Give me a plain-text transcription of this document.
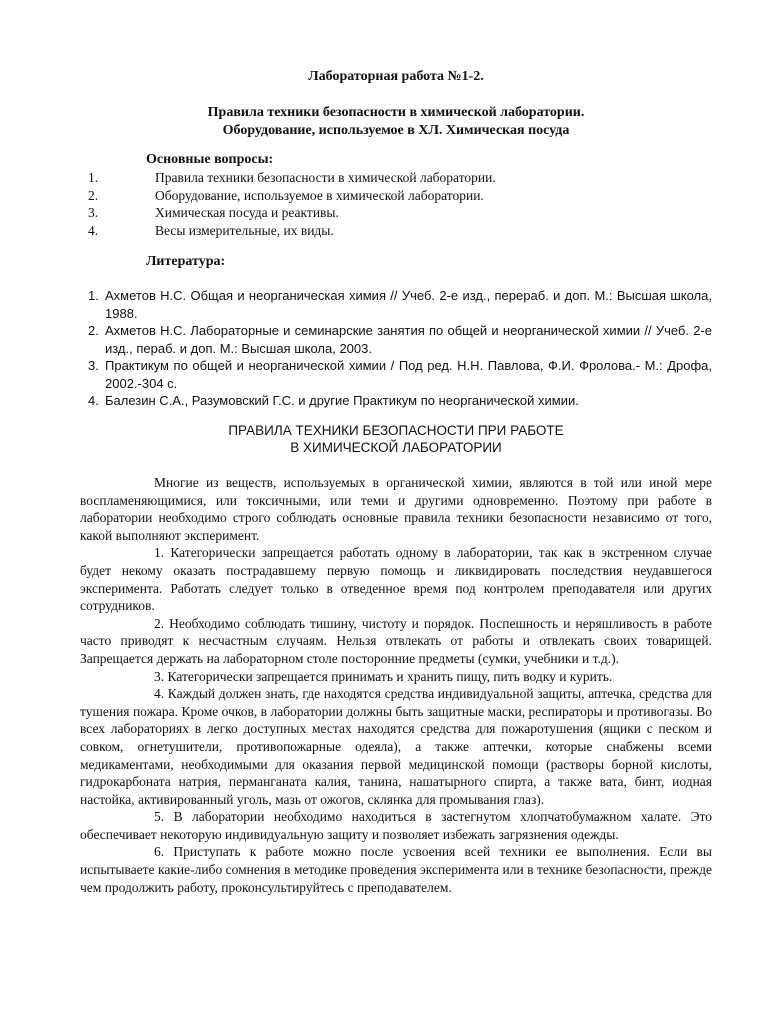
Лабораторная работа №1-2.
Правила техники безопасности в химической лаборатории.
Оборудование, используемое в ХЛ. Химическая посуда
Основные вопросы:
1.	Правила техники безопасности в химической лаборатории.
2.	Оборудование, используемое в химической лаборатории.
3.	Химическая посуда и реактивы.
4.	Весы измерительные, их виды.
Литература:
1. Ахметов Н.С. Общая и неорганическая химия // Учеб. 2-е изд., перераб. и доп. М.: Высшая школа, 1988.
2. Ахметов Н.С. Лабораторные и семинарские занятия по общей и неорганической химии // Учеб. 2-е изд., пераб. и доп. М.: Высшая школа, 2003.
3. Практикум по общей и неорганической химии / Под ред. Н.Н. Павлова, Ф.И. Фролова.- М.: Дрофа, 2002.-304 с.
4. Балезин С.А., Разумовский Г.С. и другие Практикум по неорганической химии.
ПРАВИЛА ТЕХНИКИ БЕЗОПАСНОСТИ ПРИ РАБОТЕ
В ХИМИЧЕСКОЙ ЛАБОРАТОРИИ

Многие из веществ, используемых в органической химии, являются в той или иной мере воспламеняющимися, или токсичными, или теми и другими одновременно. Поэтому при работе в лаборатории необходимо строго соблюдать основные правила техники безопасности независимо от того, какой выполняют эксперимент.

1. Категорически запрещается работать одному в лаборатории, так как в экстренном случае будет некому оказать пострадавшему первую помощь и ликвидировать последствия неудавшегося эксперимента. Работать следует только в отведенное время под контролем преподавателя или других сотрудников.

2. Необходимо соблюдать тишину, чистоту и порядок. Поспешность и неряшливость в работе часто приводят к несчастным случаям. Нельзя отвлекать от работы и отвлекать своих товарищей. Запрещается держать на лабораторном столе посторонние предметы (сумки, учебники и т.д.).

3. Категорически запрещается принимать и хранить пищу, пить водку и курить.

4. Каждый должен знать, где находятся средства индивидуальной защиты, аптечка, средства для тушения пожара. Кроме очков, в лаборатории должны быть защитные маски, респираторы и противогазы. Во всех лабораториях в легко доступных местах находятся средства для пожаротушения (ящики с песком и совком, огнетушители, противопожарные одеяла), а также аптечки, которые снабжены всеми медикаментами, необходимыми для оказания первой медицинской помощи (растворы борной кислоты, гидрокарбоната натрия, перманганата калия, танина, нашатырного спирта, а также вата, бинт, иодная настойка, активированный уголь, мазь от ожогов, склянка для промывания глаз).

5. В лаборатории необходимо находиться в застегнутом хлопчатобумажном халате. Это обеспечивает некоторую индивидуальную защиту и позволяет избежать загрязнения одежды.

6. Приступать к работе можно после усвоения всей техники ее выполнения. Если вы испытываете какие-либо сомнения в методике проведения эксперимента или в технике безопасности, прежде чем продолжить работу, проконсультируйтесь с преподавателем.
